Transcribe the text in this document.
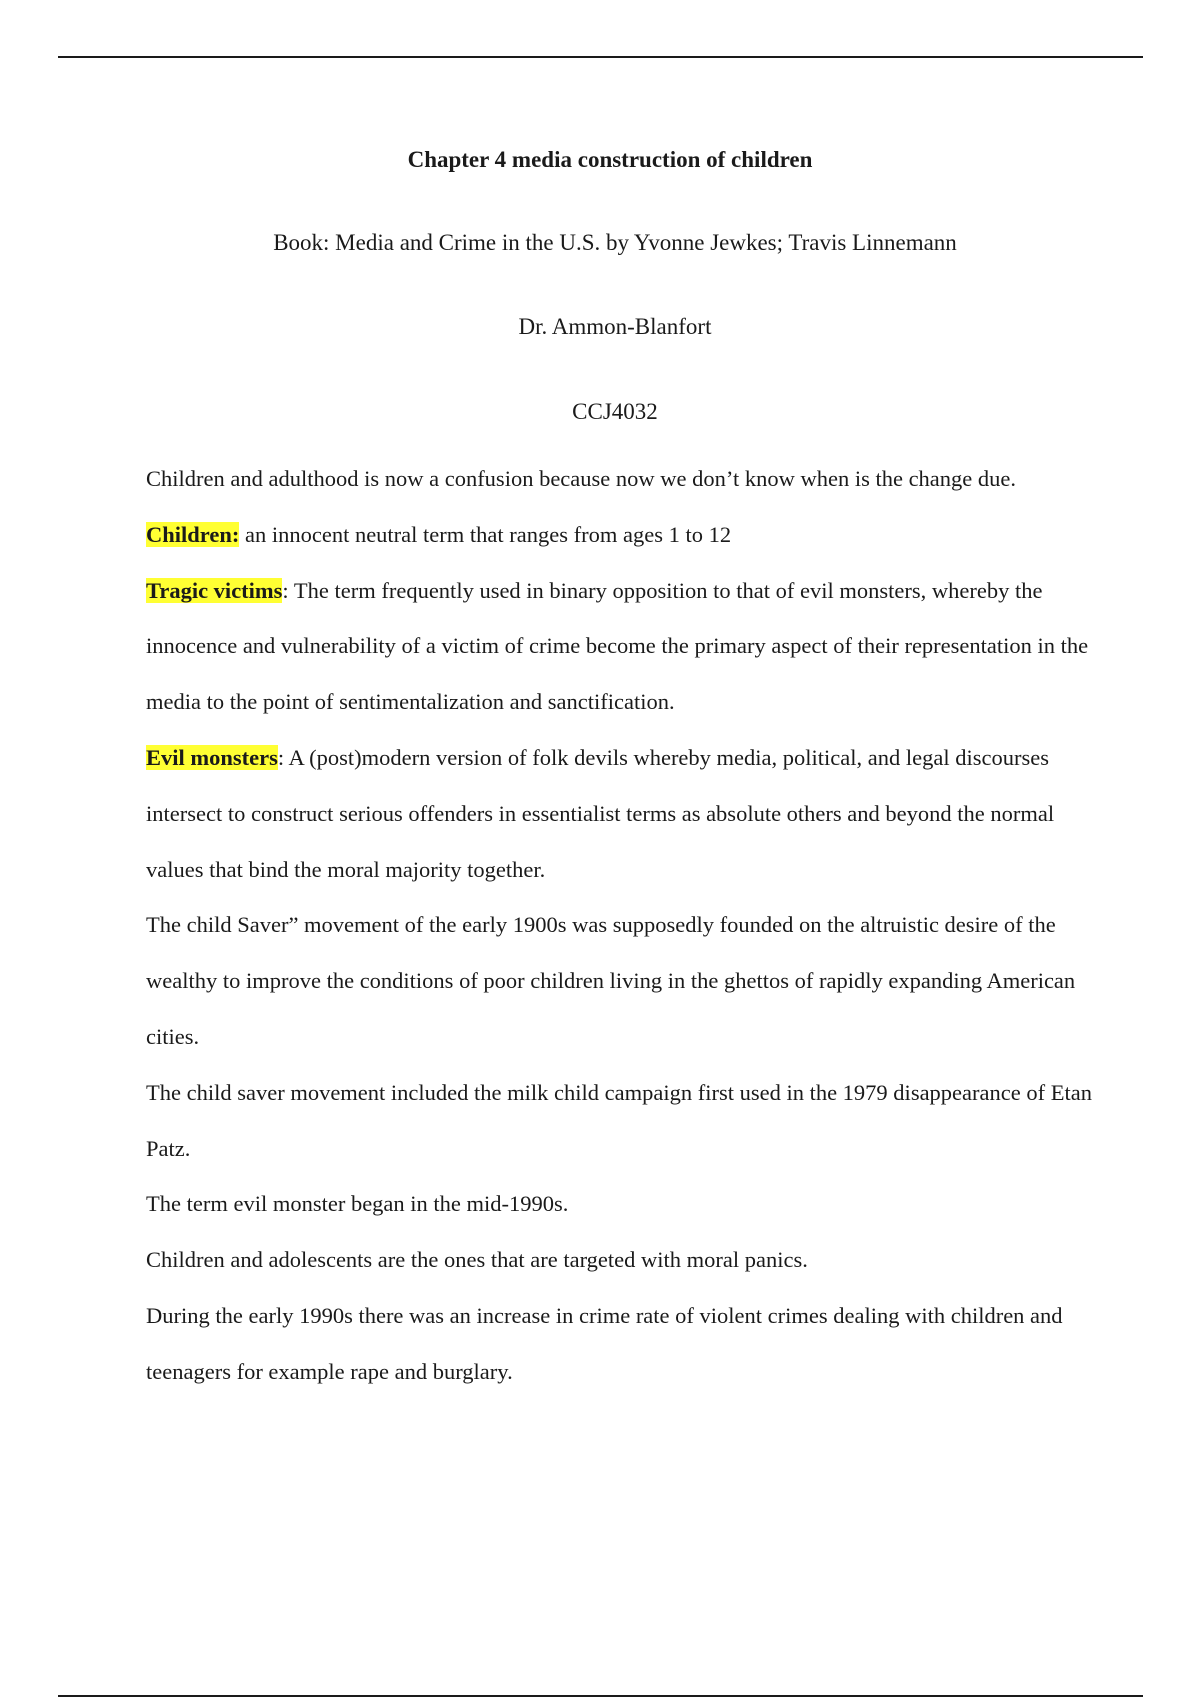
Chapter 4 media construction of children
Book: Media and Crime in the U.S. by Yvonne Jewkes; Travis Linnemann
Dr. Ammon-Blanfort
CCJ4032

Children and adulthood is now a confusion because now we don’t know when is the change due.

Children: an innocent neutral term that ranges from ages 1 to 12

Tragic victims: The term frequently used in binary opposition to that of evil monsters, whereby the innocence and vulnerability of a victim of crime become the primary aspect of their representation in the media to the point of sentimentalization and sanctification.

Evil monsters: A (post)modern version of folk devils whereby media, political, and legal discourses intersect to construct serious offenders in essentialist terms as absolute others and beyond the normal values that bind the moral majority together.

The child Saver” movement of the early 1900s was supposedly founded on the altruistic desire of the wealthy to improve the conditions of poor children living in the ghettos of rapidly expanding American cities.

The child saver movement included the milk child campaign first used in the 1979 disappearance of Etan Patz.

The term evil monster began in the mid-1990s.

Children and adolescents are the ones that are targeted with moral panics.

During the early 1990s there was an increase in crime rate of violent crimes dealing with children and teenagers for example rape and burglary.
